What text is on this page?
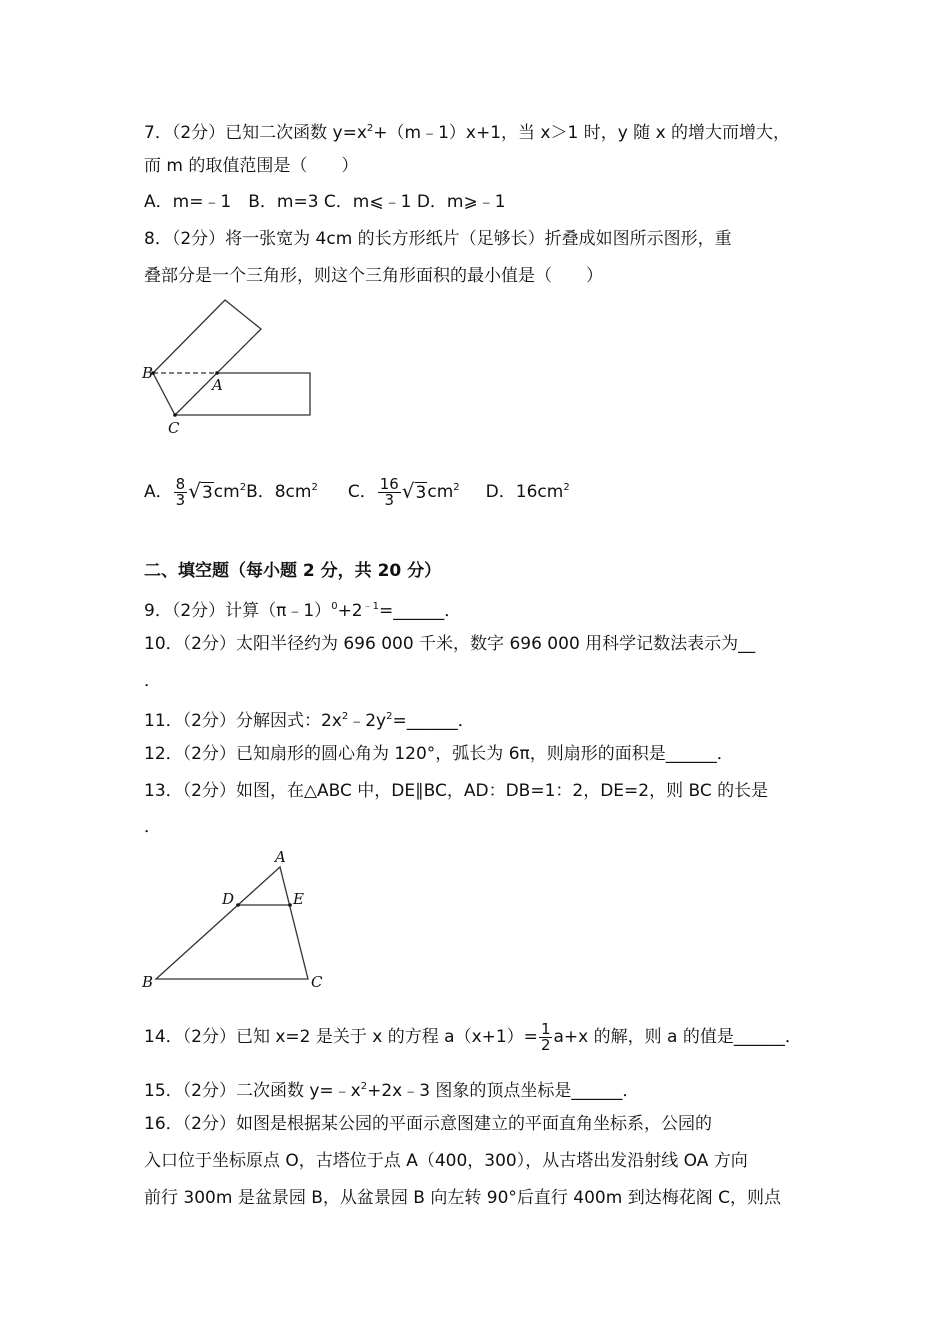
7．（2分）已知二次函数 $y=x^2+(m﹣1)x+1$，当 x＞1 时，y 随 x 的增大而增大，
而 m 的取值范围是（　　）
A．m=﹣1　B．m=3 C．m⩽﹣1 D．m⩾﹣1
8．（2分）将一张宽为 4cm 的长方形纸片（足够长）折叠成如图所示图形，重
叠部分是一个三角形，则这个三角形面积的最小值是（　　）
B
A
C
A． $\frac{8}{3} √3cm^2B$．$8cm^2$ C． $\frac{16}{3} √3cm^2$ D．$16cm^2$
二、填空题（每小题 2 分，共 20 分）
9．（2分）计算$(\pi﹣1)^0+2^{﹣1}=\_\_\_\_\_\_$．
10．（2分）太阳半径约为 696 000 千米，数字 696 000 用科学记数法表示为__
．
11．（2分）分解因式：$2x^2﹣2y^2=\_\_\_\_\_\_$．
12．（2分）已知扇形的圆心角为 120°，弧长为 6π，则扇形的面积是______．
13．（2分）如图，在△ABC 中，DE∥BC，AD：DB=1：2，DE=2，则 BC 的长是
．
A
D	E
B	C
14．（2分）已知 x=2 是关于 x 的方程 $a(x+1)= \frac{1}{2} a+x$ 的解，则 a 的值是______．
15．（2分）二次函数 $y=﹣x^2+2x﹣3$ 图象的顶点坐标是______．
16．（2分）如图是根据某公园的平面示意图建立的平面直角坐标系，公园的
入口位于坐标原点 O，古塔位于点 A（400，300），从古塔出发沿射线 OA 方向
前行 300m 是盆景园 B，从盆景园 B 向左转 90°后直行 400m 到达梅花阁 C，则点
